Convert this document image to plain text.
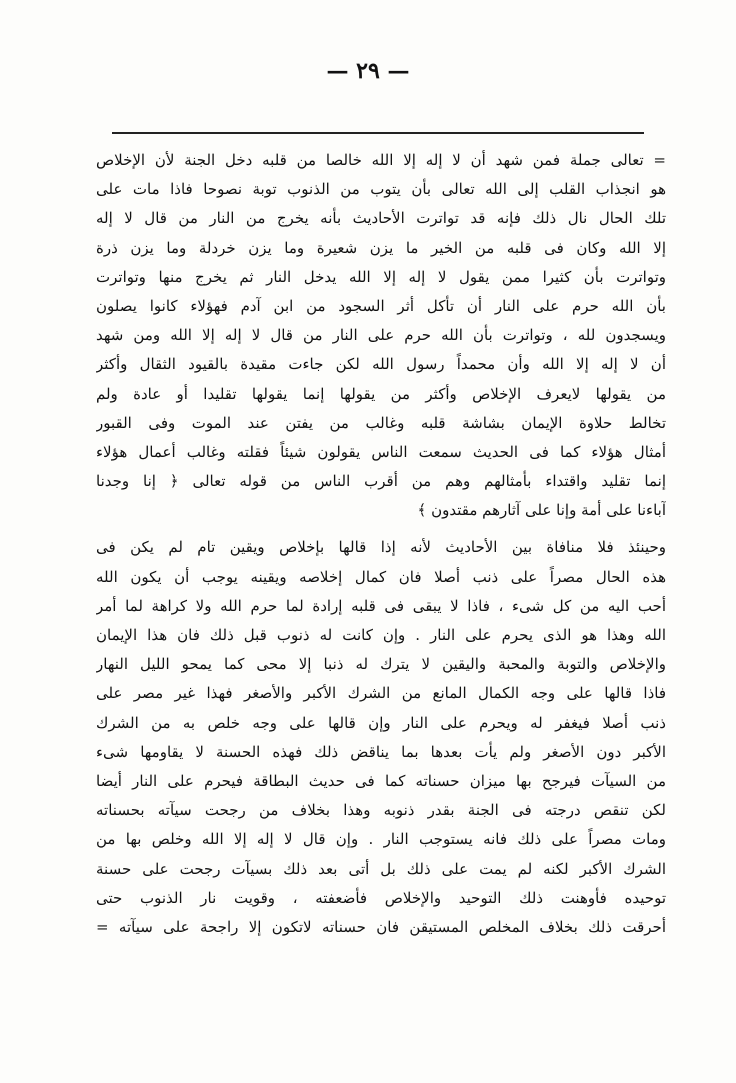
— ٢٩ —
= تعالى جملة فمن شهد أن لا إله إلا الله خالصا من قلبه دخل الجنة لأن الإخلاص
هو انجذاب القلب إلى الله تعالى بأن يتوب من الذنوب توبة نصوحا فاذا مات على
تلك الحال نال ذلك فإنه قد تواترت الأحاديث بأنه يخرج من النار من قال لا إله
إلا الله وكان فى قلبه من الخير ما يزن شعيرة وما يزن خردلة وما يزن ذرة
وتواترت بأن كثيرا ممن يقول لا إله إلا الله يدخل النار ثم يخرج منها وتواترت
بأن الله حرم على النار أن تأكل أثر السجود من ابن آدم فهؤلاء كانوا يصلون
ويسجدون لله ، وتواترت بأن الله حرم على النار من قال لا إله إلا الله ومن شهد
أن لا إله إلا الله وأن محمداً رسول الله لكن جاءت مقيدة بالقيود الثقال وأكثر
من يقولها لايعرف الإخلاص وأكثر من يقولها إنما يقولها تقليدا أو عادة ولم
تخالط حلاوة الإيمان بشاشة قلبه وغالب من يفتن عند الموت وفى القبور
أمثال هؤلاء كما فى الحديث سمعت الناس يقولون شيئاً فقلته وغالب أعمال هؤلاء
إنما تقليد واقتداء بأمثالهم وهم من أقرب الناس من قوله تعالى ﴿ إنا وجدنا
آباءنا على أمة وإنا على آثارهم مقتدون ﴾
وحينئذ فلا منافاة بين الأحاديث لأنه إذا قالها بإخلاص ويقين تام لم يكن فى
هذه الحال مصراً على ذنب أصلا فان كمال إخلاصه ويقينه يوجب أن يكون الله
أحب اليه من كل شىء ، فاذا لا يبقى فى قلبه إرادة لما حرم الله ولا كراهة لما أمر
الله وهذا هو الذى يحرم على النار . وإن كانت له ذنوب قبل ذلك فان هذا الإيمان
والإخلاص والتوبة والمحبة واليقين لا يترك له ذنبا إلا محى كما يمحو الليل النهار
فاذا قالها على وجه الكمال المانع من الشرك الأكبر والأصغر فهذا غير مصر على
ذنب أصلا فيغفر له ويحرم على النار وإن قالها على وجه خلص به من الشرك
الأكبر دون الأصغر ولم يأت بعدها بما يناقض ذلك فهذه الحسنة لا يقاومها شىء
من السيآت فيرجح بها ميزان حسناته كما فى حديث البطاقة فيحرم على النار أيضا
لكن تنقص درجته فى الجنة بقدر ذنوبه وهذا بخلاف من رجحت سيآته بحسناته
ومات مصراً على ذلك فانه يستوجب النار . وإن قال لا إله إلا الله وخلص بها من
الشرك الأكبر لكنه لم يمت على ذلك بل أتى بعد ذلك بسيآت رجحت على حسنة
توحيده فأوهنت ذلك التوحيد والإخلاص فأضعفته ، وقويت نار الذنوب حتى
أحرقت ذلك بخلاف المخلص المستيقن فان حسناته لاتكون إلا راجحة على سيآته =
